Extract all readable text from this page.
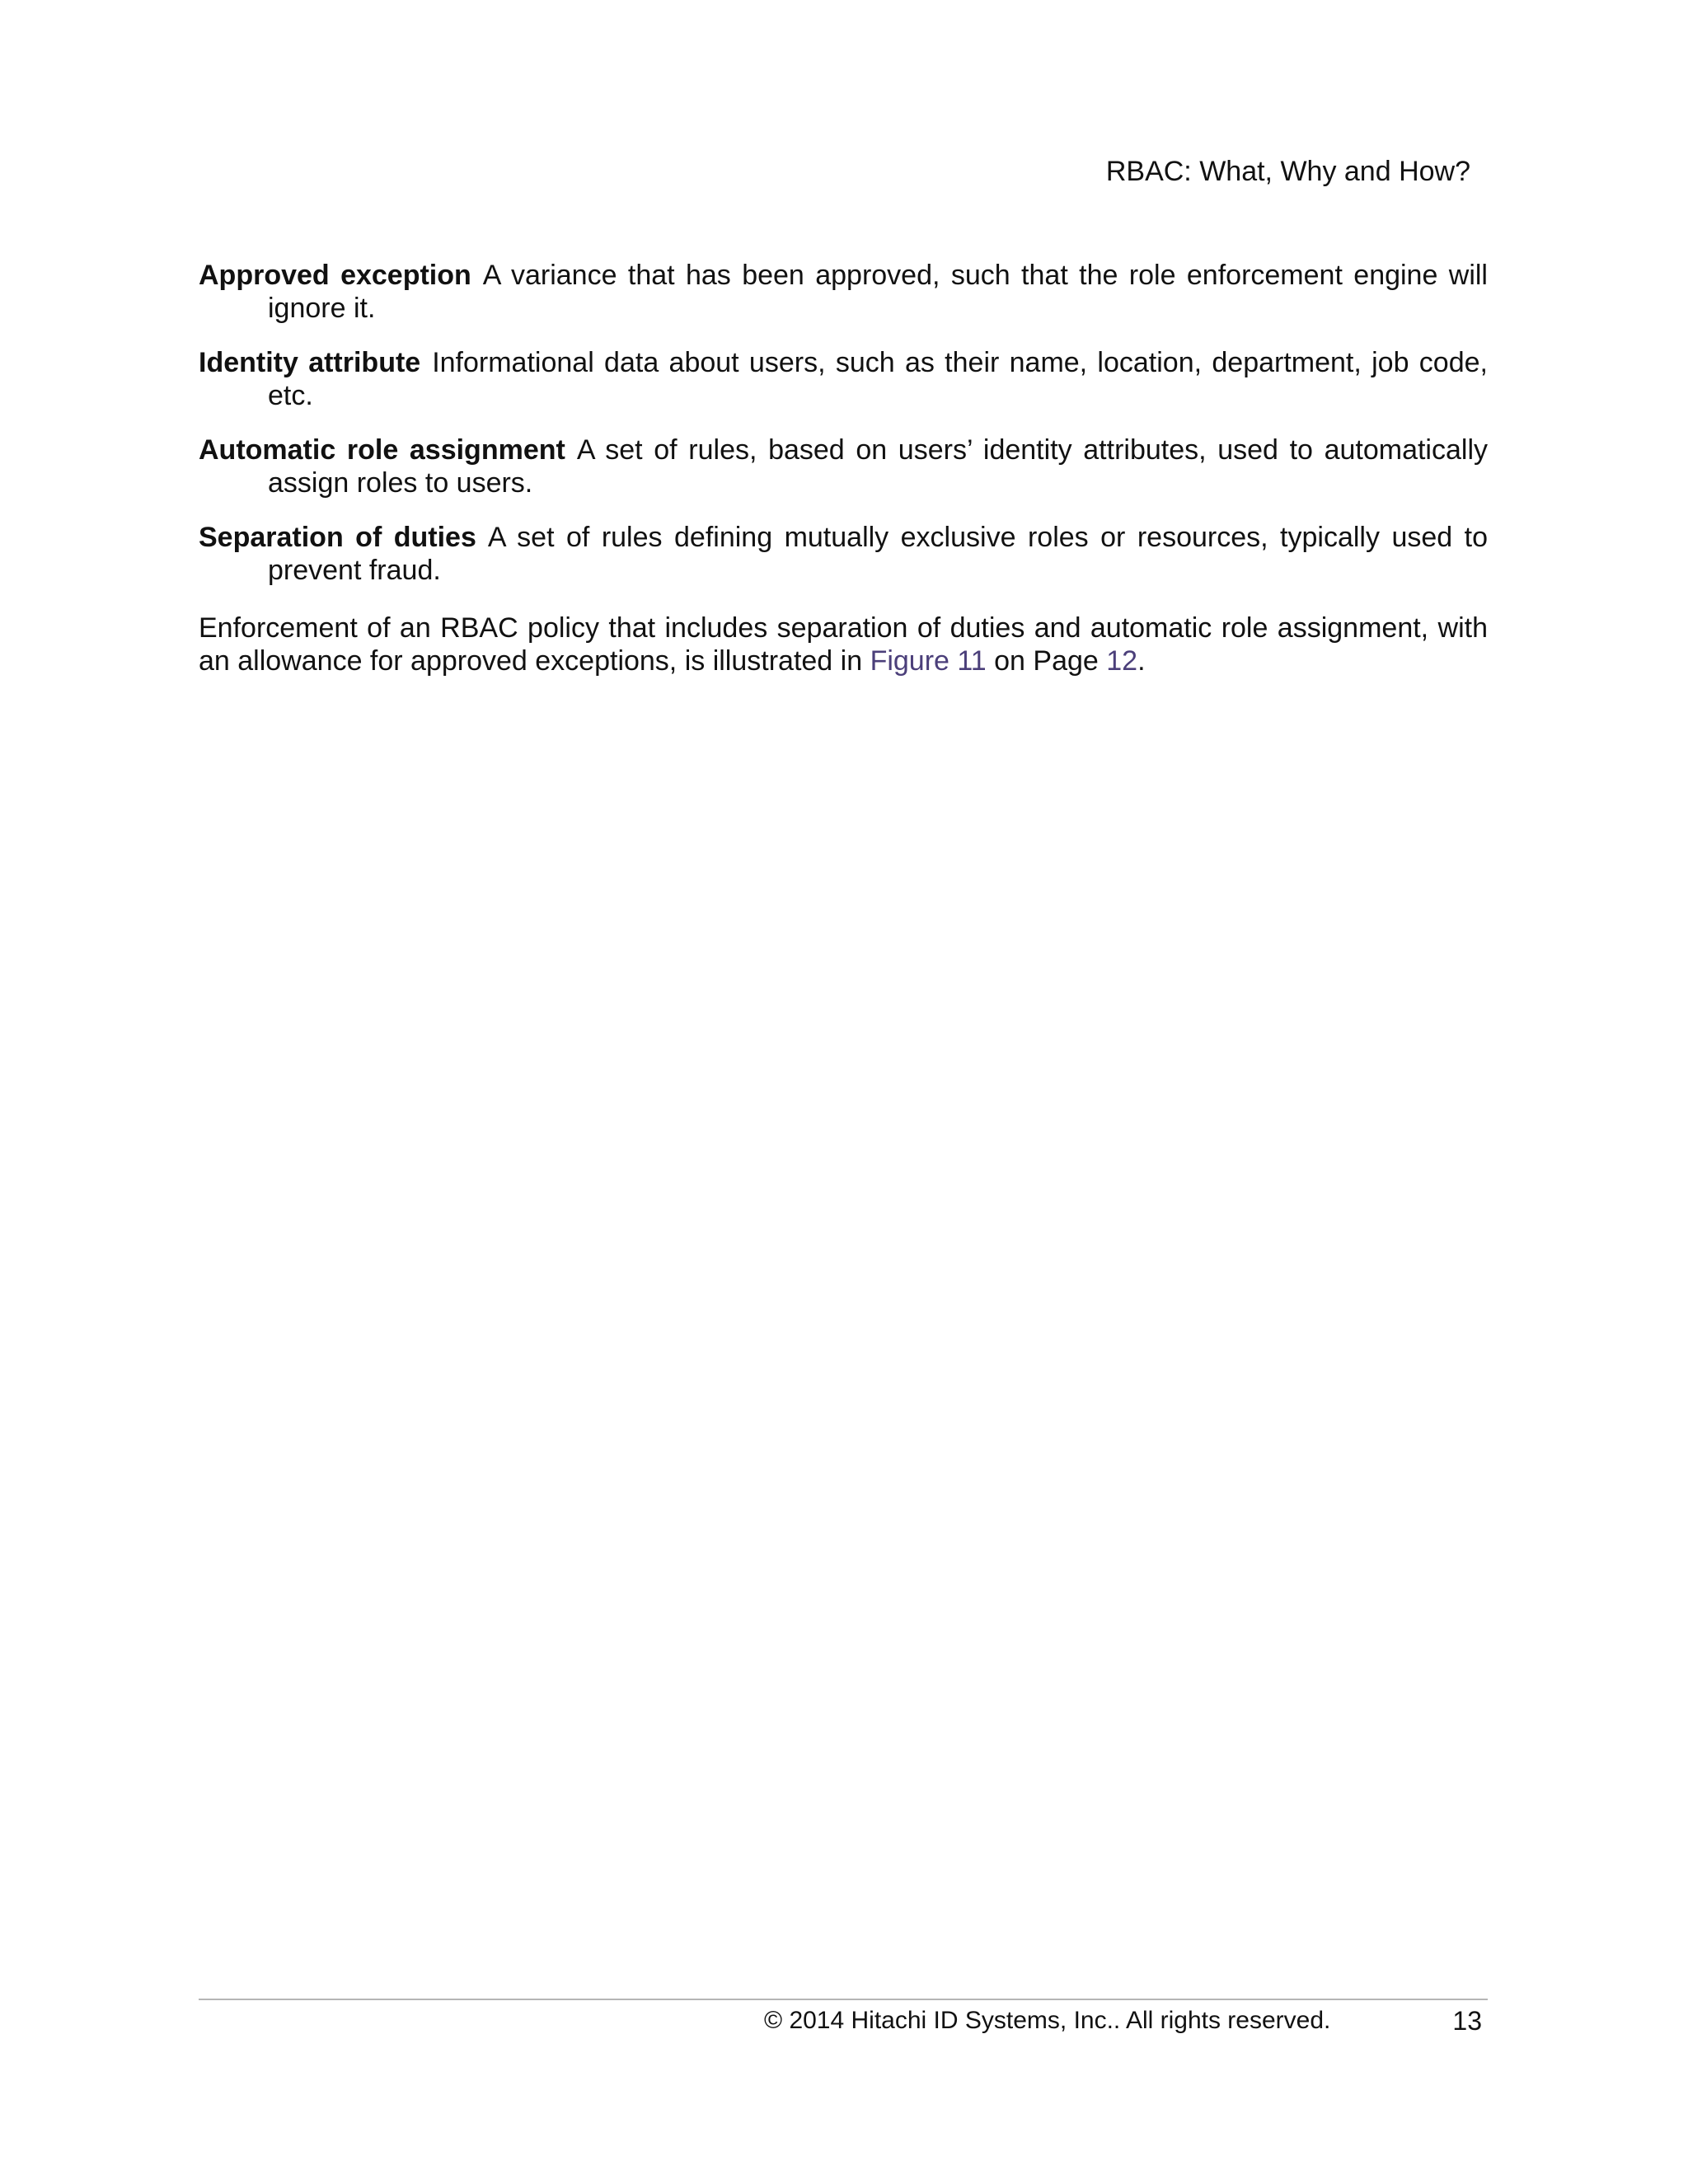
RBAC: What, Why and How?

Approved exception A variance that has been approved, such that the role enforcement engine will ignore it.

Identity attribute Informational data about users, such as their name, location, department, job code, etc.

Automatic role assignment A set of rules, based on users’ identity attributes, used to automatically assign roles to users.

Separation of duties A set of rules defining mutually exclusive roles or resources, typically used to prevent fraud.

Enforcement of an RBAC policy that includes separation of duties and automatic role assignment, with an allowance for approved exceptions, is illustrated in Figure 11 on Page 12.

© 2014 Hitachi ID Systems, Inc.. All rights reserved.	13
